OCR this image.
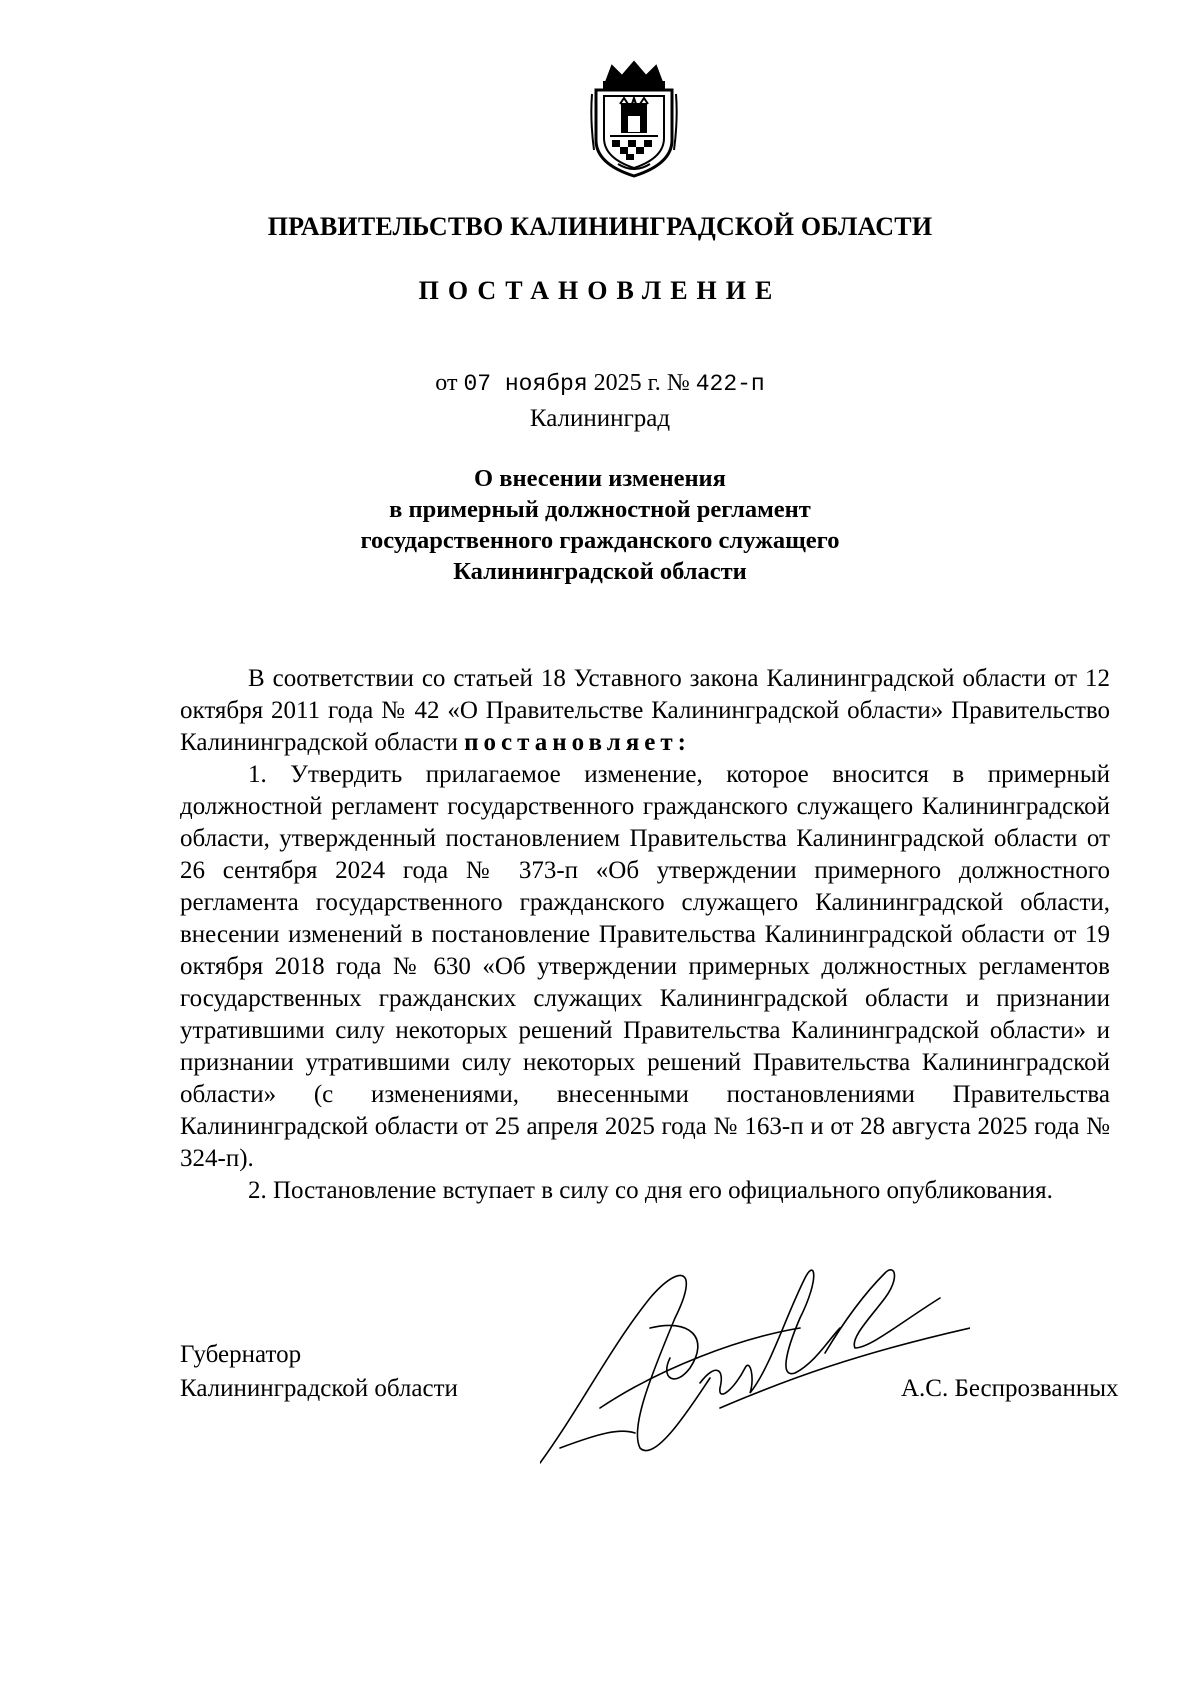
ПРАВИТЕЛЬСТВО КАЛИНИНГРАДСКОЙ ОБЛАСТИ
ПОСТАНОВЛЕНИЕ
от 07 ноября 2025 г. № 422-п
Калининград
О внесении изменения
в примерный должностной регламент
государственного гражданского служащего
Калининградской области

В соответствии со статьей 18 Уставного закона Калининградской области от 12 октября 2011 года № 42 «О Правительстве Калининградской области» Правительство Калининградской области постановляет:

1. Утвердить прилагаемое изменение, которое вносится в примерный должностной регламент государственного гражданского служащего Калининградской области, утвержденный постановлением Правительства Калининградской области от 26 сентября 2024 года № 373-п «Об утверждении примерного должностного регламента государственного гражданского служащего Калининградской области, внесении изменений в постановление Правительства Калининградской области от 19 октября 2018 года № 630 «Об утверждении примерных должностных регламентов государственных гражданских служащих Калининградской области и признании утратившими силу некоторых решений Правительства Калининградской области» и признании утратившими силу некоторых решений Правительства Калининградской области» (с изменениями, внесенными постановлениями Правительства Калининградской области от 25 апреля 2025 года № 163-п и от 28 августа 2025 года № 324-п).

2. Постановление вступает в силу со дня его официального опубликования.

Губернатор
Калининградской области	А.С. Беспрозванных
